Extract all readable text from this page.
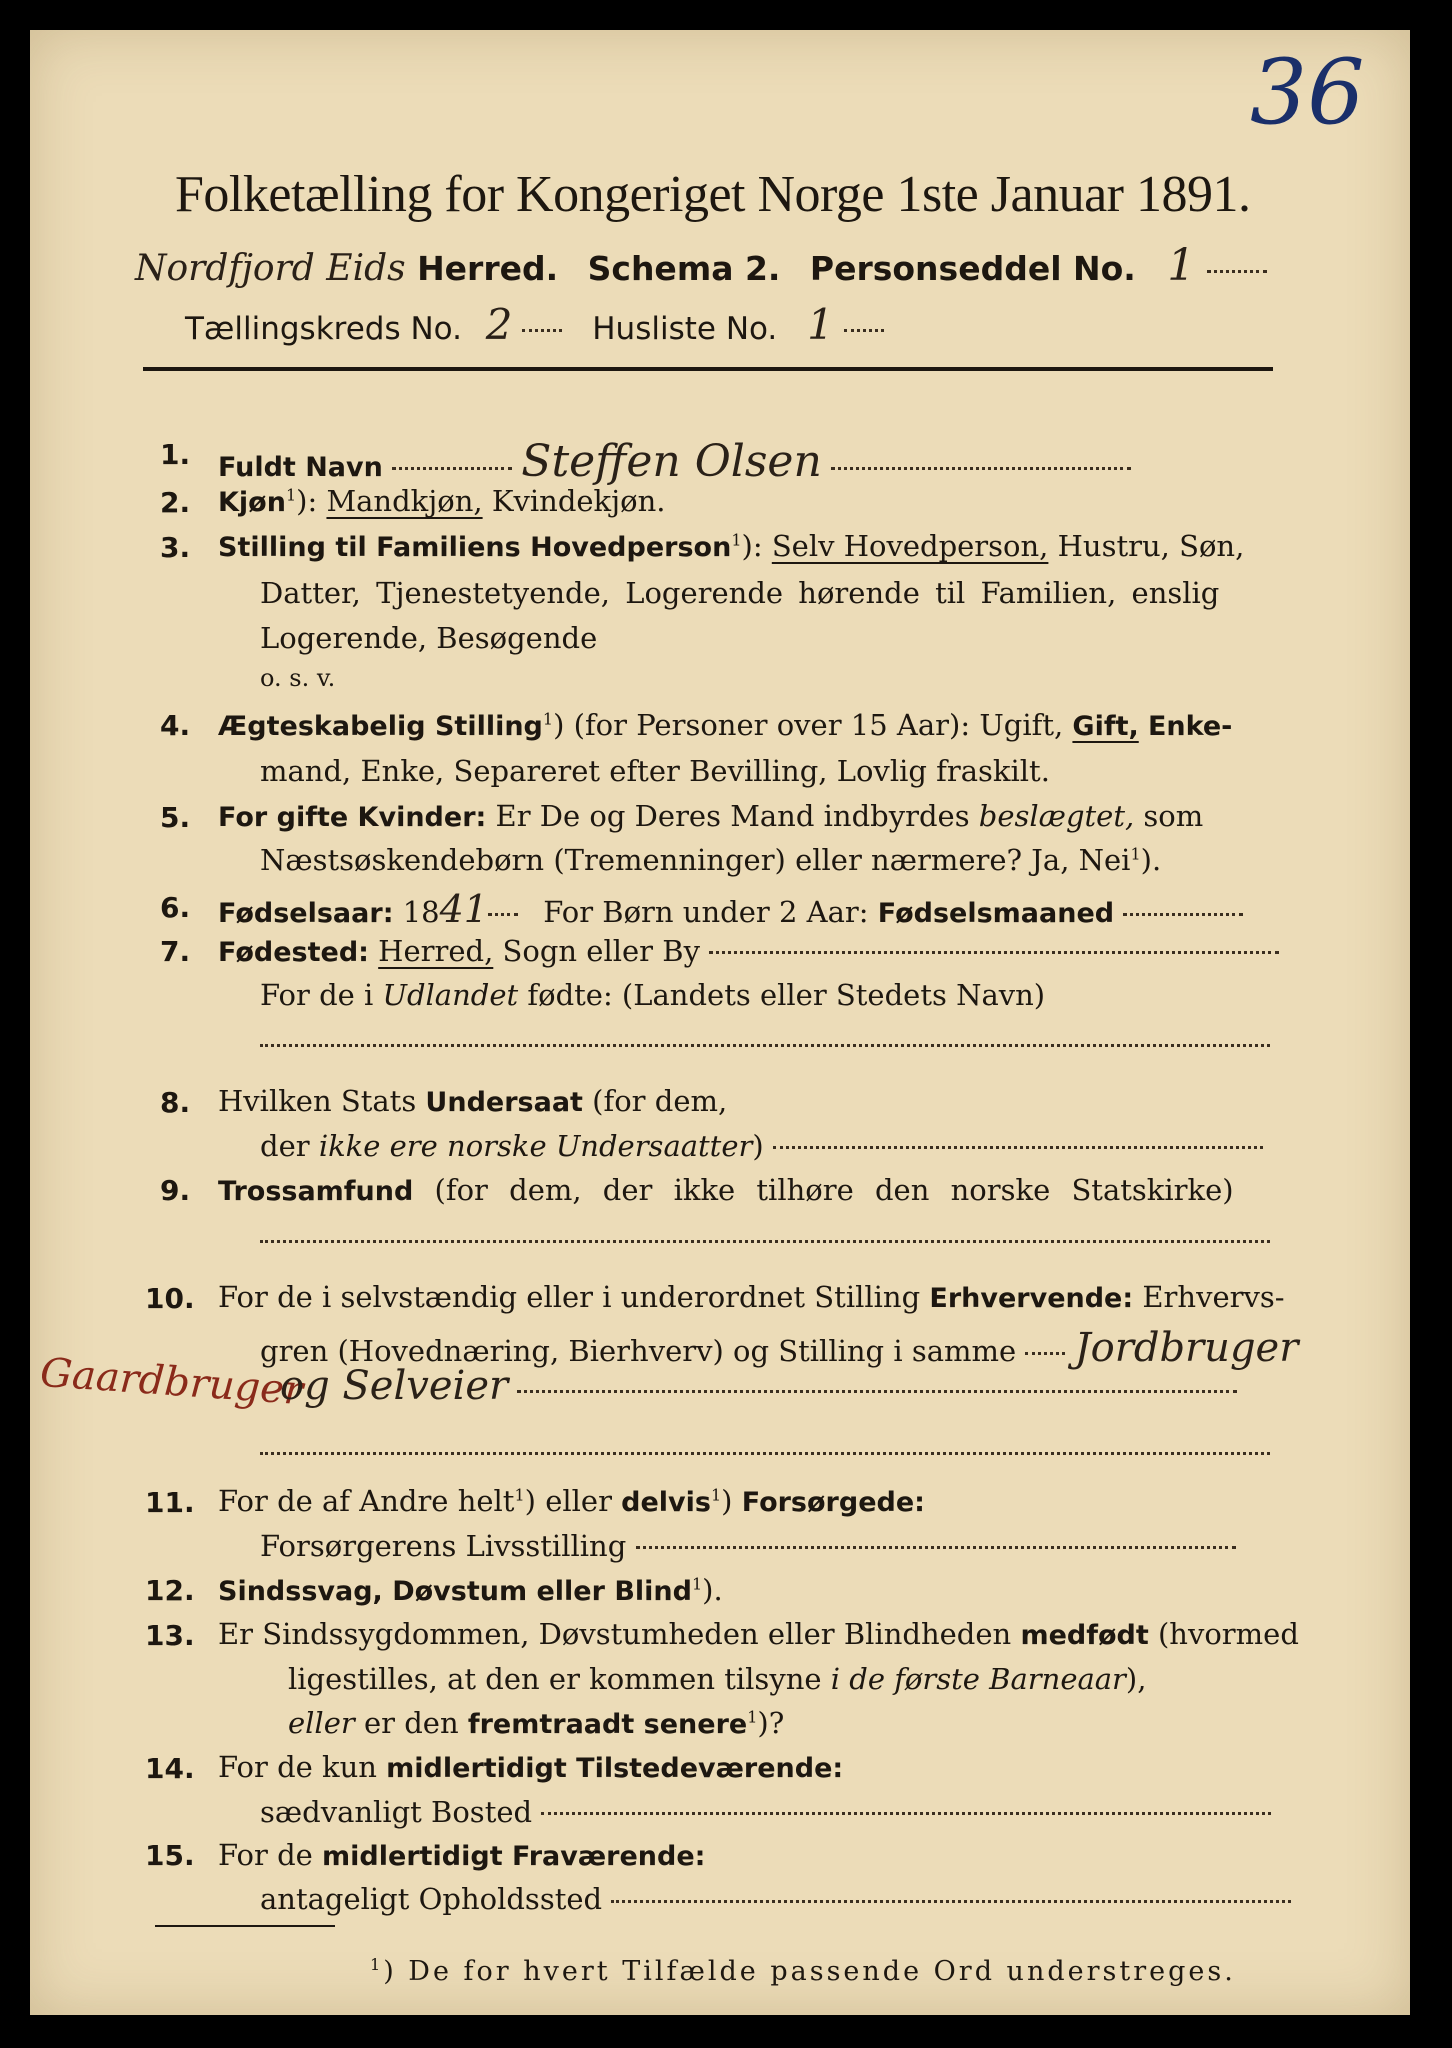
36
Folketælling for Kongeriget Norge 1ste Januar 1891.
Nordfjord Eids Herred. Schema 2. Personseddel No. 1
Tællingskreds No. 2	Husliste No. 1
1. Fuldt Navn	Steffen Olsen
2. Kjøn$^1$): Mandkjøn, Kvindekjøn.
3. Stilling til Familiens Hovedperson$^1$): Selv Hovedperson, Hustru, Søn,
Datter, Tjenestetyende, Logerende hørende til Familien, enslig
Logerende, Besøgende
o. s. v.
4. Ægteskabelig Stilling$^1$) (for Personer over 15 Aar): Ugift, Gift, Enke-
mand, Enke, Separeret efter Bevilling, Lovlig fraskilt.
5. For gifte Kvinder: Er De og Deres Mand indbyrdes beslægtet, som
Næstsøskendebørn (Tremenninger) eller nærmere? Ja, Nei$^1$).
6. Fødselsaar: 1841 For Børn under 2 Aar: Fødselsmaaned
7. Fødested: Herred, Sogn eller By
For de i Udlandet fødte: (Landets eller Stedets Navn)
8. Hvilken Stats Undersaat (for dem,
der ikke ere norske Undersaatter)
9. Trossamfund (for dem, der ikke tilhøre den norske Statskirke)
10. For de i selvstændig eller i underordnet Stilling Erhvervende: Erhvervs-
gren (Hovednæring, Bierhverv) og Stilling i samme Jordbruger
Gaardbruger
og Selveier
11. For de af Andre helt$^1$) eller delvis$^1$) Forsørgede:
Forsørgerens Livsstilling
12. Sindssvag, Døvstum eller Blind$^1$).
13. Er Sindssygdommen, Døvstumheden eller Blindheden medfødt (hvormed
ligestilles, at den er kommen tilsyne i de første Barneaar),
eller er den fremtraadt senere$^1$)?
14. For de kun midlertidigt Tilstedeværende:
sædvanligt Bosted
15. For de midlertidigt Fraværende:
antageligt Opholdssted
$^1$) De for hvert Tilfælde passende Ord understreges.
